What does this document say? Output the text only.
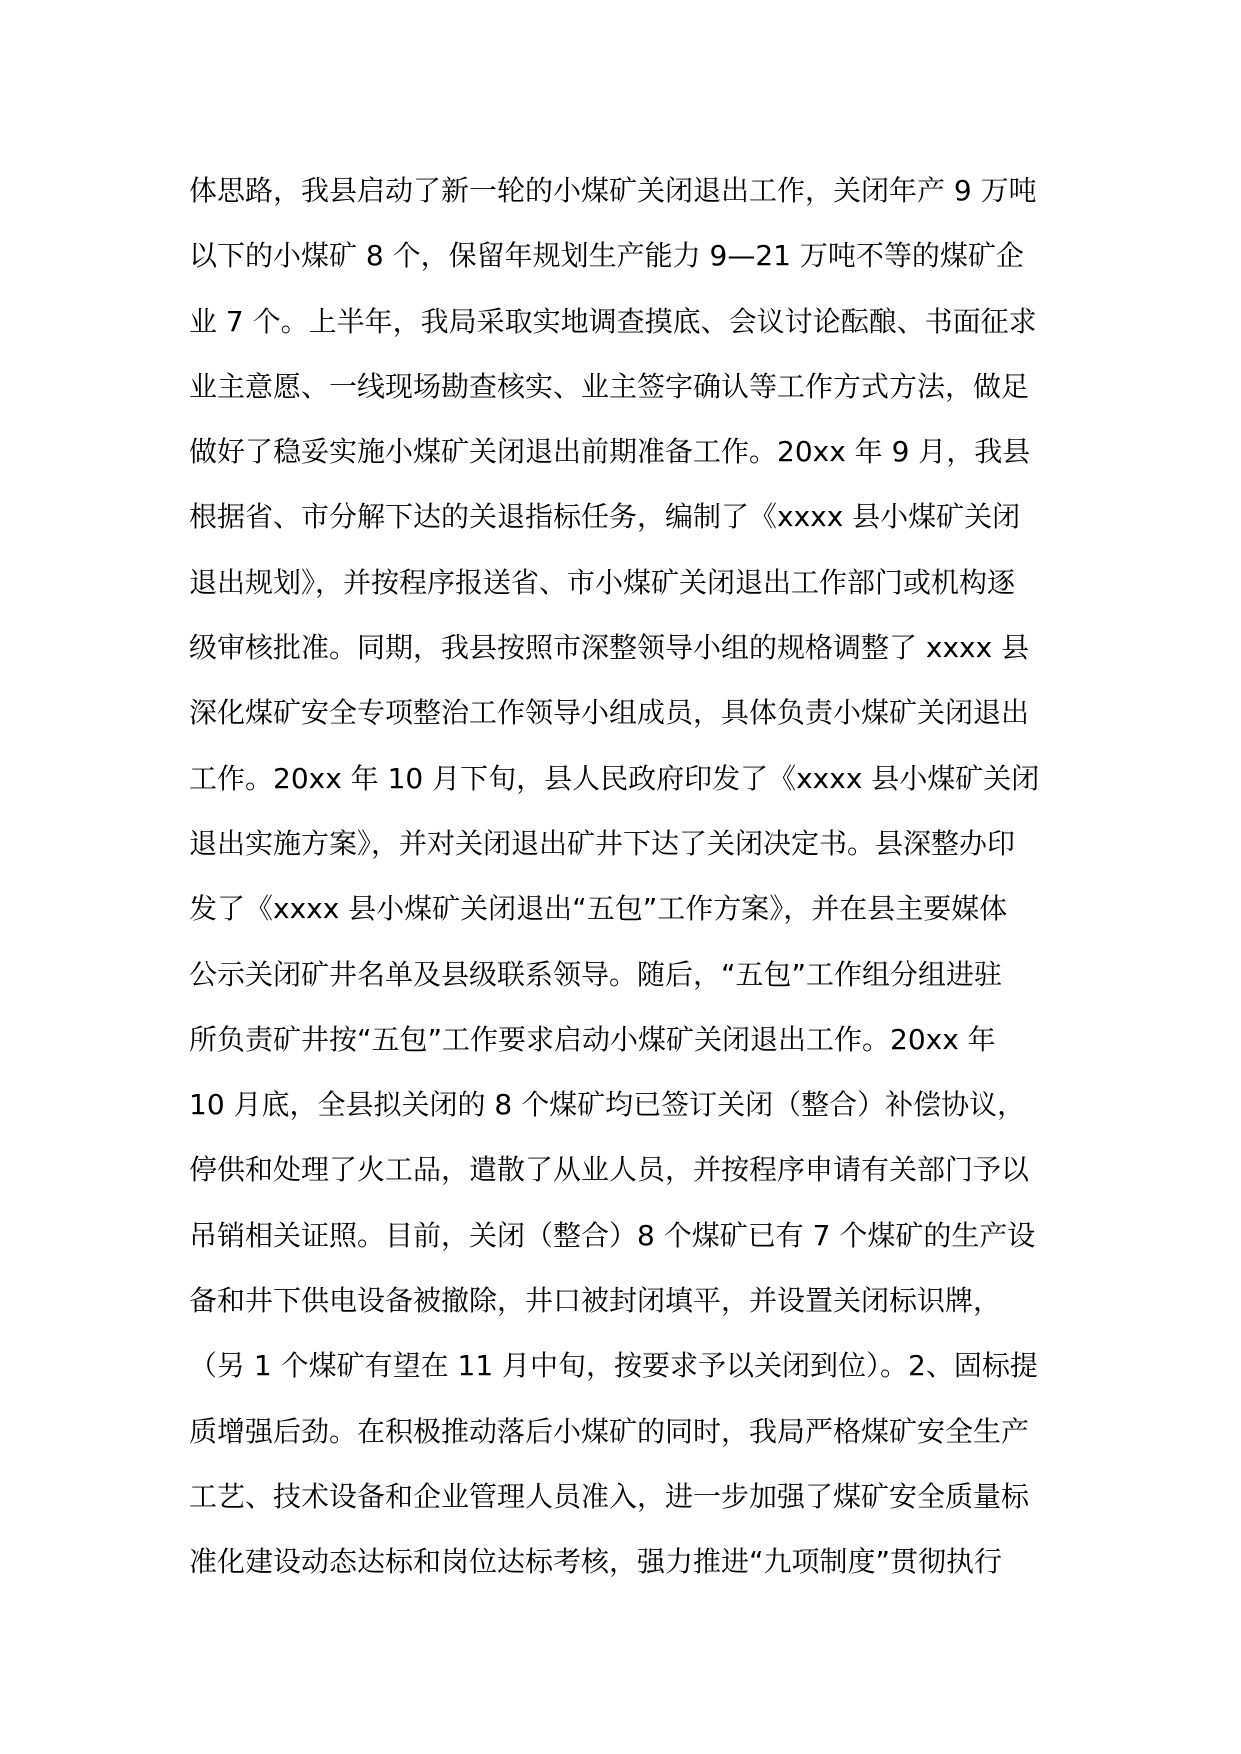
体思路，我县启动了新一轮的小煤矿关闭退出工作，关闭年产 9 万吨
以下的小煤矿 8 个，保留年规划生产能力 9—21 万吨不等的煤矿企
业 7 个。上半年，我局采取实地调查摸底、会议讨论酝酿、书面征求
业主意愿、一线现场勘查核实、业主签字确认等工作方式方法，做足
做好了稳妥实施小煤矿关闭退出前期准备工作。20xx 年 9 月，我县
根据省、市分解下达的关退指标任务，编制了《xxxx 县小煤矿关闭
退出规划》，并按程序报送省、市小煤矿关闭退出工作部门或机构逐
级审核批准。同期，我县按照市深整领导小组的规格调整了 xxxx 县
深化煤矿安全专项整治工作领导小组成员，具体负责小煤矿关闭退出
工作。20xx 年 10 月下旬，县人民政府印发了《xxxx 县小煤矿关闭
退出实施方案》，并对关闭退出矿井下达了关闭决定书。县深整办印
发了《xxxx 县小煤矿关闭退出“五包”工作方案》，并在县主要媒体
公示关闭矿井名单及县级联系领导。随后，“五包”工作组分组进驻
所负责矿井按“五包”工作要求启动小煤矿关闭退出工作。20xx 年
10 月底，全县拟关闭的 8 个煤矿均已签订关闭（整合）补偿协议，
停供和处理了火工品，遣散了从业人员，并按程序申请有关部门予以
吊销相关证照。目前，关闭（整合）8 个煤矿已有 7 个煤矿的生产设
备和井下供电设备被撤除，井口被封闭填平，并设置关闭标识牌，
（另 1 个煤矿有望在 11 月中旬，按要求予以关闭到位）。2、固标提
质增强后劲。在积极推动落后小煤矿的同时，我局严格煤矿安全生产
工艺、技术设备和企业管理人员准入，进一步加强了煤矿安全质量标
准化建设动态达标和岗位达标考核，强力推进“九项制度”贯彻执行
